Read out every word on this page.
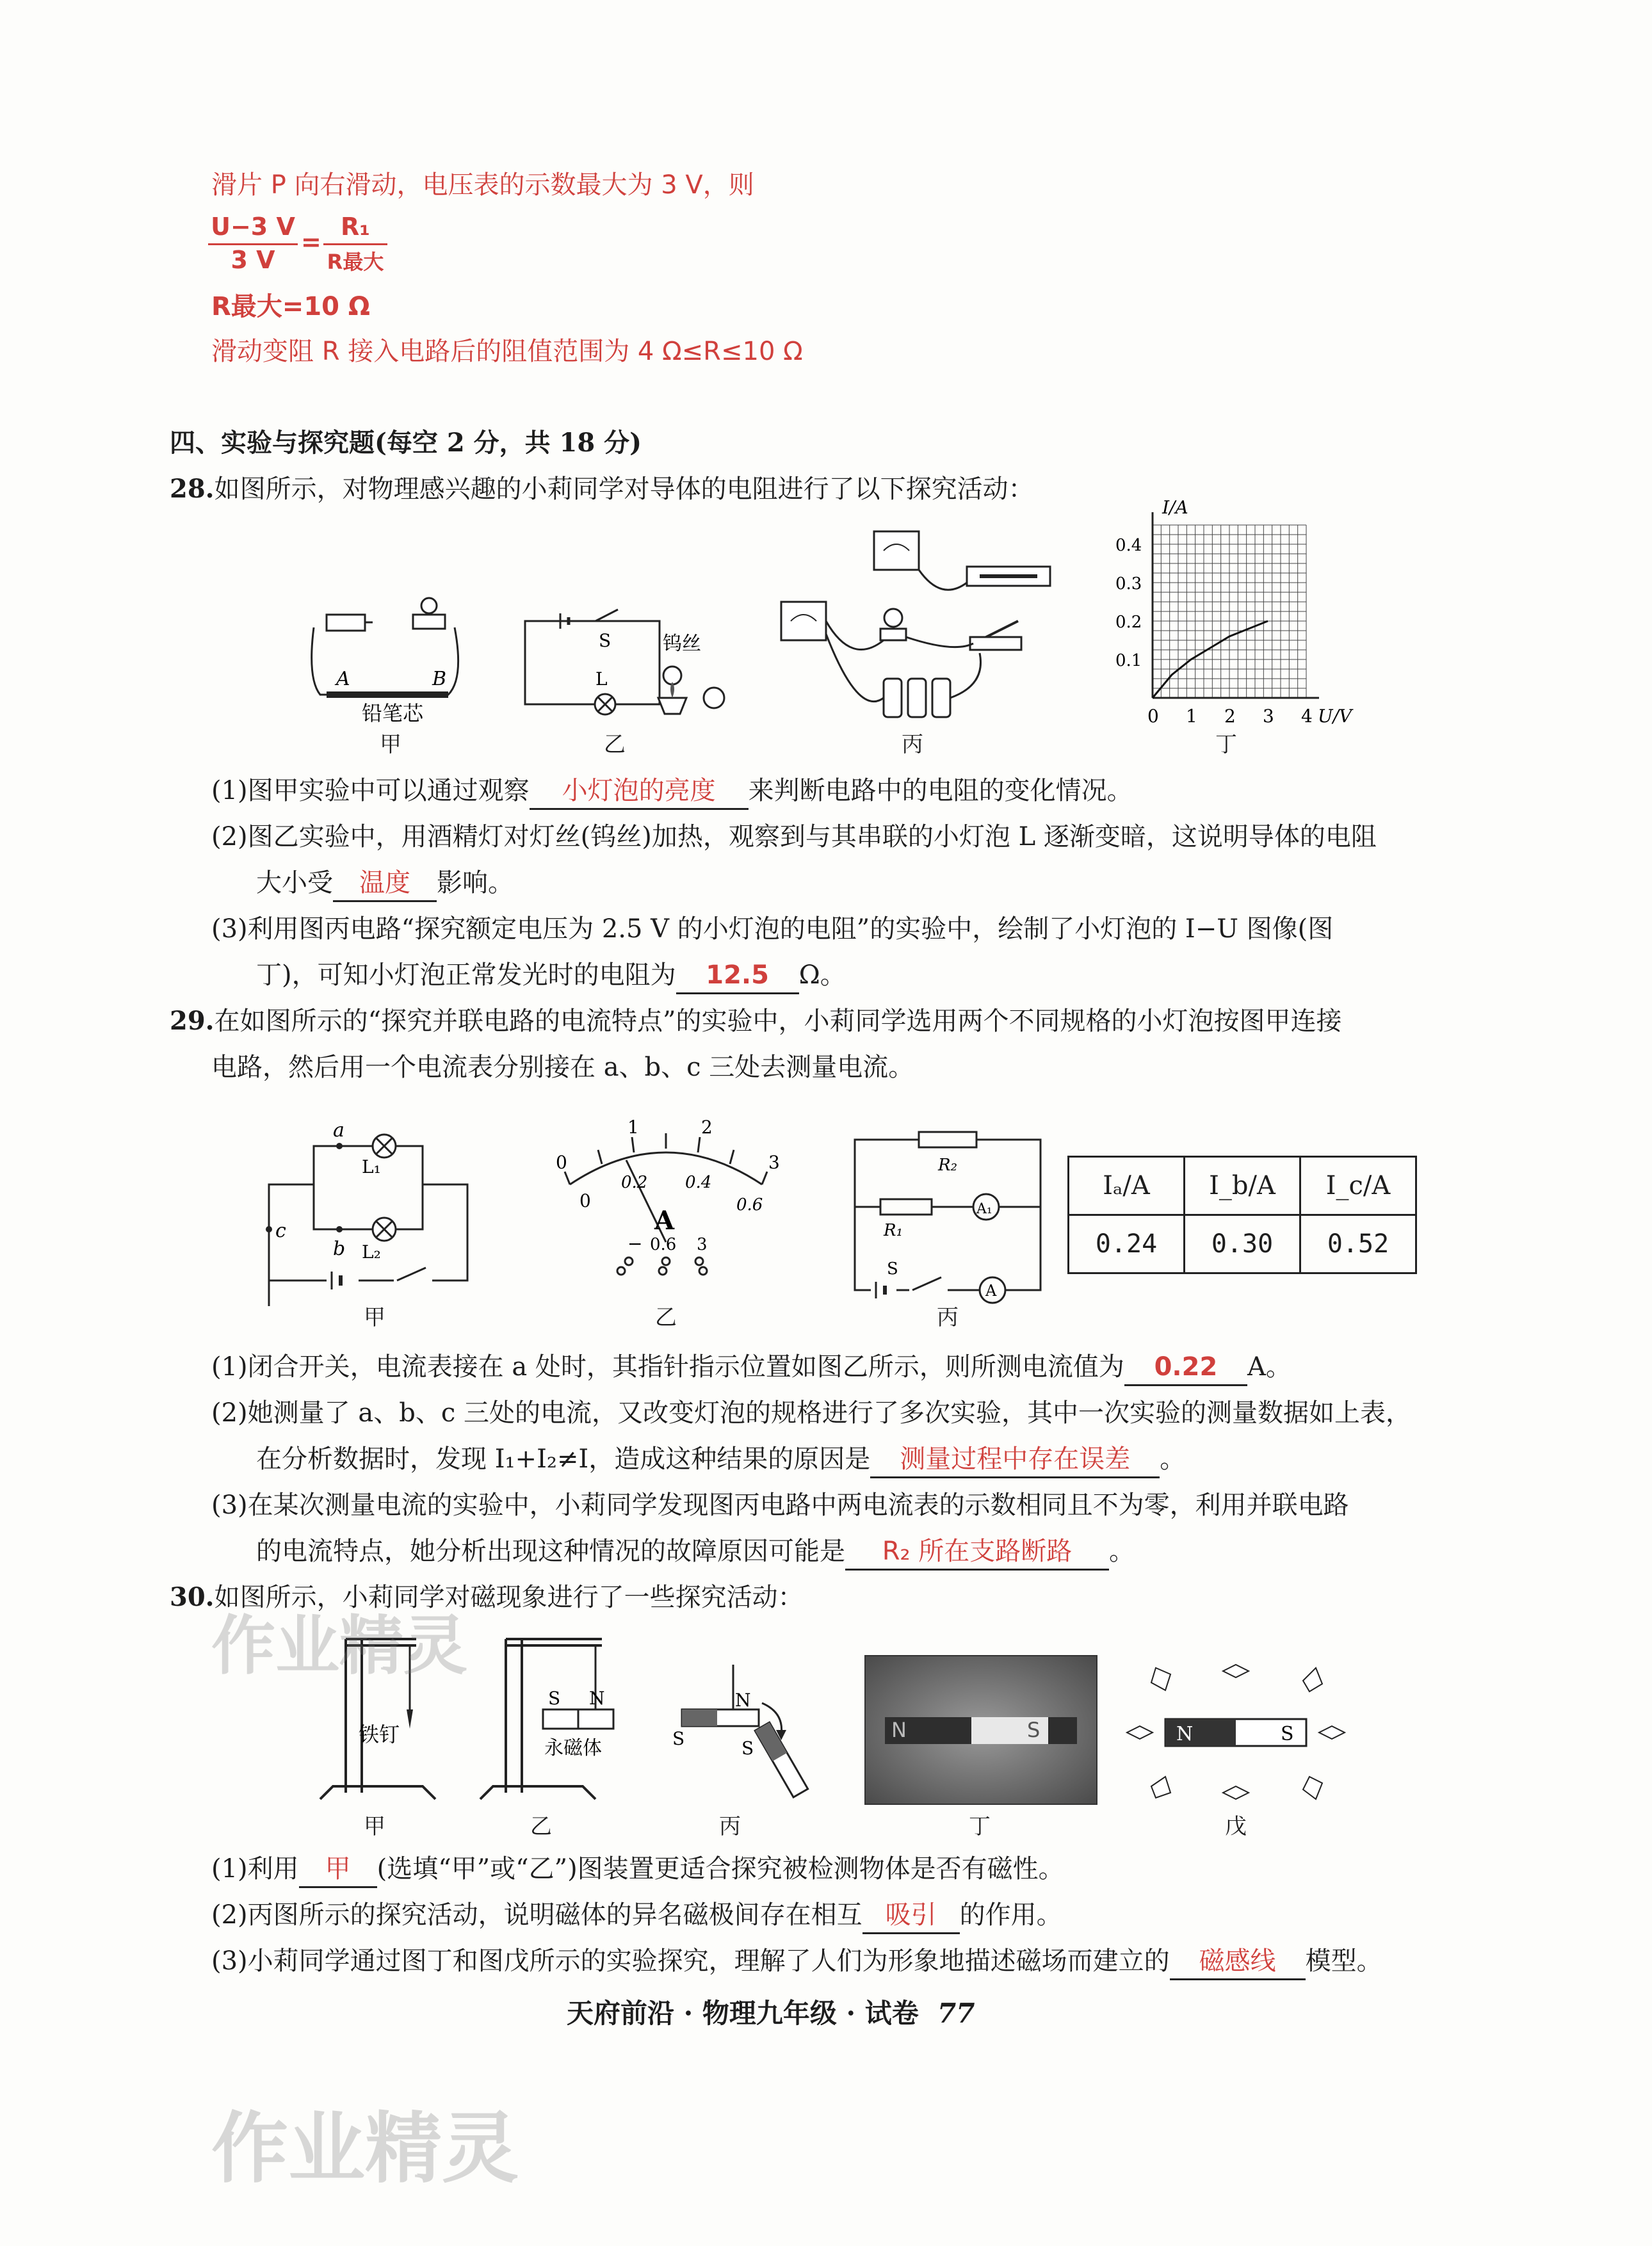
滑片 P 向右滑动，电压表的示数最大为 3 V，则
U−3 V
3 V
=
R₁
R最大
R最大=10 Ω
滑动变阻 R 接入电路后的阻值范围为 4 Ω≤R≤10 Ω
四、实验与探究题(每空 2 分，共 18 分)
28.如图所示，对物理感兴趣的小莉同学对导体的电阻进行了以下探究活动：
A	B
铅笔芯
甲
S
L
钨丝
乙	丙
0 1 2 3 4
0.1
0.2
0.3
0.4
I/A
U/V
丁
(1)图甲实验中可以通过观察 小灯泡的亮度 来判断电路中的电阻的变化情况。
(2)图乙实验中，用酒精灯对灯丝(钨丝)加热，观察到与其串联的小灯泡 L 逐渐变暗，这说明导体的电阻
大小受 温度 影响。
(3)利用图丙电路“探究额定电压为 2.5 V 的小灯泡的电阻”的实验中，绘制了小灯泡的 I−U 图像(图
丁)，可知小灯泡正常发光时的电阻为 12.5 Ω。
29.在如图所示的“探究并联电路的电流特点”的实验中，小莉同学选用两个不同规格的小灯泡按图甲连接
电路，然后用一个电流表分别接在 a、b、c 三处去测量电流。
a
b
c
L₁
L₂
甲
0
1	2
3
0
0.2 0.4
0.6
A
− 0.6 3
乙
R₂
R₁
A₁
S
A
丙
Iₐ/A	I_b/A	I_c/A
0.24	0.30	0.52
(1)闭合开关，电流表接在 a 处时，其指针指示位置如图乙所示，则所测电流值为 0.22 A。
(2)她测量了 a、b、c 三处的电流，又改变灯泡的规格进行了多次实验，其中一次实验的测量数据如上表，
在分析数据时，发现 I₁+I₂≠I，造成这种结果的原因是 测量过程中存在误差 。
(3)在某次测量电流的实验中，小莉同学发现图丙电路中两电流表的示数相同且不为零，利用并联电路
的电流特点，她分析出现这种情况的故障原因可能是 R₂ 所在支路断路 。
30.如图所示，小莉同学对磁现象进行了一些探究活动：
铁钉
甲
S N
永磁体
乙
N
S	S
丙
N	S
丁
N	S
戊
(1)利用 甲 (选填“甲”或“乙”)图装置更适合探究被检测物体是否有磁性。
(2)丙图所示的探究活动，说明磁体的异名磁极间存在相互 吸引 的作用。
(3)小莉同学通过图丁和图戊所示的实验探究，理解了人们为形象地描述磁场而建立的 磁感线 模型。
天府前沿 · 物理九年级 · 试卷 77
作业精灵
作业精灵
